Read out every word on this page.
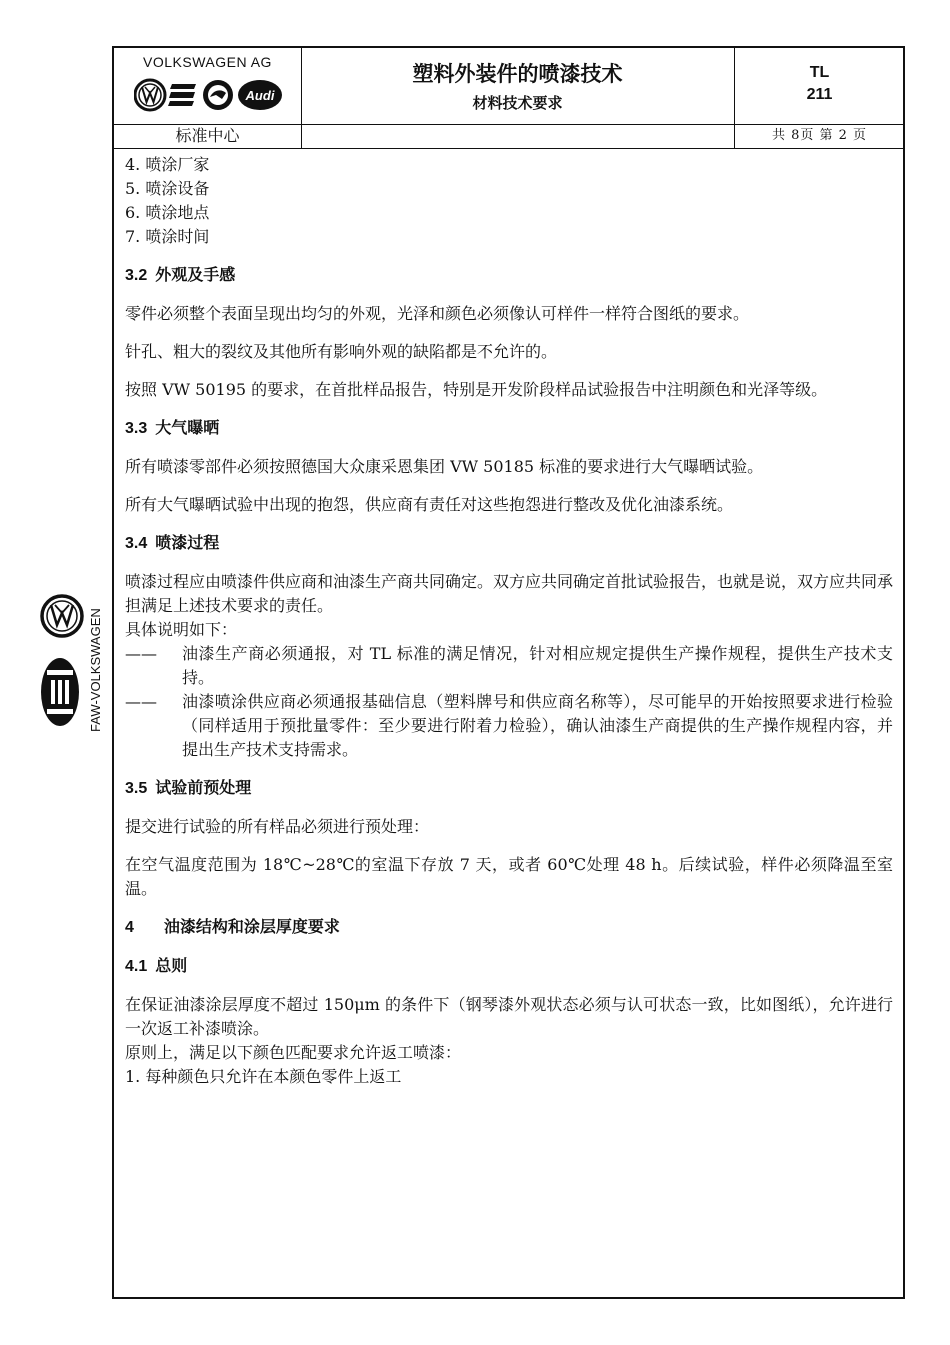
VOLKSWAGEN AG
Audi
塑料外装件的喷漆技术
材料技术要求
TL
211
标准中心	共 8页 第 2 页

4. 喷涂厂家

5. 喷涂设备

6. 喷涂地点

7. 喷涂时间

3.2 外观及手感

零件必须整个表面呈现出均匀的外观，光泽和颜色必须像认可样件一样符合图纸的要求。

针孔、粗大的裂纹及其他所有影响外观的缺陷都是不允许的。

按照 VW 50195 的要求，在首批样品报告，特别是开发阶段样品试验报告中注明颜色和光泽等级。

3.3 大气曝晒

所有喷漆零部件必须按照德国大众康采恩集团 VW 50185 标准的要求进行大气曝晒试验。

所有大气曝晒试验中出现的抱怨，供应商有责任对这些抱怨进行整改及优化油漆系统。

3.4 喷漆过程

喷漆过程应由喷漆件供应商和油漆生产商共同确定。双方应共同确定首批试验报告，也就是说，双方应共同承担满足上述技术要求的责任。

具体说明如下：

—— 油漆生产商必须通报，对 TL 标准的满足情况，针对相应规定提供生产操作规程，提供生产技术支持。
—— 油漆喷涂供应商必须通报基础信息（塑料牌号和供应商名称等），尽可能早的开始按照要求进行检验（同样适用于预批量零件：至少要进行附着力检验），确认油漆生产商提供的生产操作规程内容，并提出生产技术支持需求。
3.5 试验前预处理

提交进行试验的所有样品必须进行预处理：

在空气温度范围为 18℃~28℃的室温下存放 7 天，或者 60℃处理 48 h。后续试验，样件必须降温至室温。

4 油漆结构和涂层厚度要求
4.1 总则

在保证油漆涂层厚度不超过 150μm 的条件下（钢琴漆外观状态必须与认可状态一致，比如图纸），允许进行一次返工补漆喷涂。

原则上，满足以下颜色匹配要求允许返工喷漆：

1. 每种颜色只允许在本颜色零件上返工

FAW-VOLKSWAGEN
